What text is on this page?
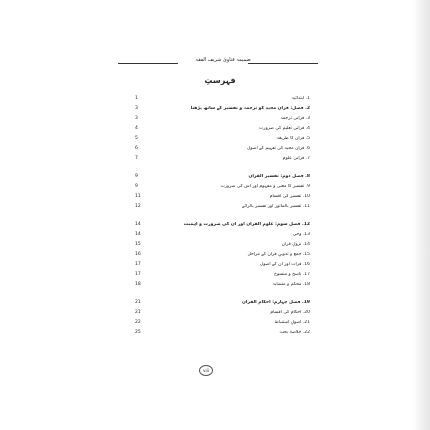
ضمیمہ فتاویٰ شریف الفقہ
فہرستِ
1	1. ابتدائیہ
3	2. فصل: قرآن مجید کو ترجمہ و تفسیر کے ساتھ پڑھنا
3	3. قرآنی ترجمہ
4	4. قرآنی تعلیم کی ضرورت
5	5. قرآن کا طریقہ
6	6. قرآن مجید کی تفہیم کے اصول
7	7. قرآنی علوم
9	8. فصل دوم: تفسیر القرآن
9	9. تفسیر کا معنی و مفہوم اور اس کی ضرورت
11	10. تفسیر کی اقسام
12	11. تفسیر بالماثور اور تفسیر بالرائے
14	12. فصل سوم: علوم القرآن اور ان کی ضرورت و اہمیت
14	13. وحی
15	14. نزولِ قرآن
16	15. جمع و تدوینِ قرآن کے مراحل
17	16. قرأت اور ان کے اصول
17	17. ناسخ و منسوخ
18	18. محکم و متشابہ
21	19. فصل چہارم: احکام القرآن
21	20. احکام کی اقسام
22	21. اصولِ استنباط
25	22. خلاصۂ بحث
viii
